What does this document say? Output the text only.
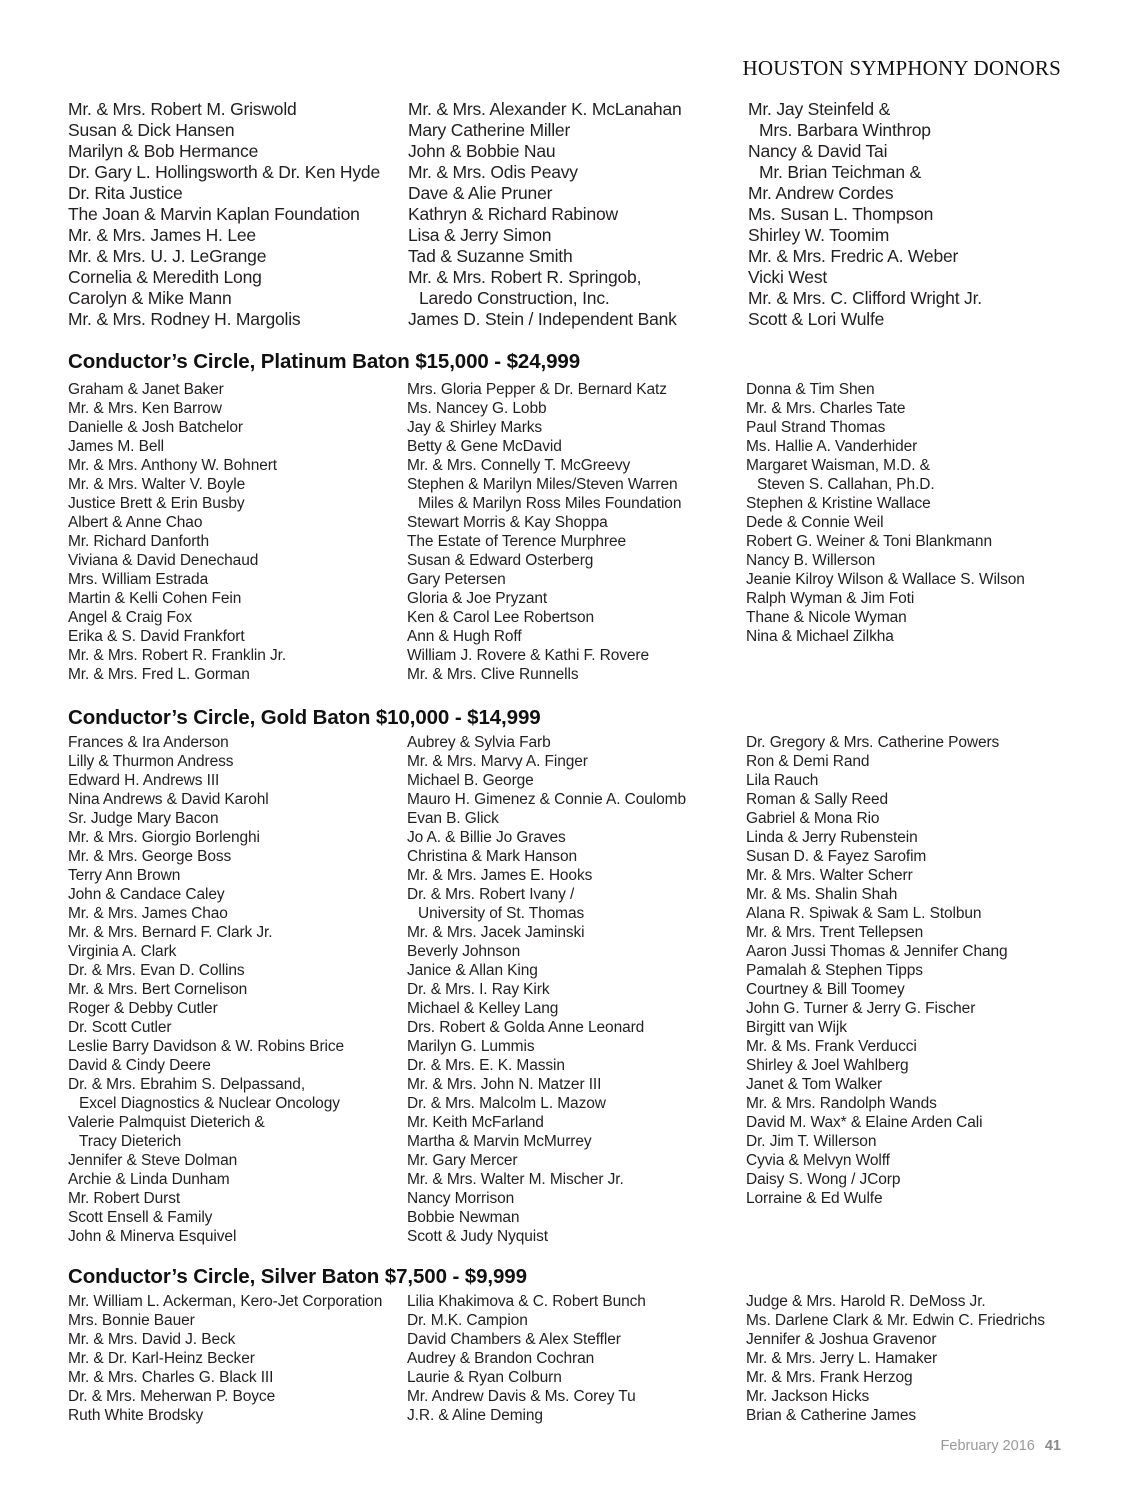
HOUSTON SYMPHONY DONORS
Mr. & Mrs. Robert M. Griswold
Susan & Dick Hansen
Marilyn & Bob Hermance
Dr. Gary L. Hollingsworth & Dr. Ken Hyde
Dr. Rita Justice
The Joan & Marvin Kaplan Foundation
Mr. & Mrs. James H. Lee
Mr. & Mrs. U. J. LeGrange
Cornelia & Meredith Long
Carolyn & Mike Mann
Mr. & Mrs. Rodney H. Margolis
Mr. & Mrs. Alexander K. McLanahan
Mary Catherine Miller
John & Bobbie Nau
Mr. & Mrs. Odis Peavy
Dave & Alie Pruner
Kathryn & Richard Rabinow
Lisa & Jerry Simon
Tad & Suzanne Smith
Mr. & Mrs. Robert R. Springob,
Laredo Construction, Inc.
James D. Stein / Independent Bank
Mr. Jay Steinfeld &
Mrs. Barbara Winthrop
Nancy & David Tai
Mr. Brian Teichman &
Mr. Andrew Cordes
Ms. Susan L. Thompson
Shirley W. Toomim
Mr. & Mrs. Fredric A. Weber
Vicki West
Mr. & Mrs. C. Clifford Wright Jr.
Scott & Lori Wulfe
Conductor’s Circle, Platinum Baton $15,000 - $24,999
Graham & Janet Baker
Mr. & Mrs. Ken Barrow
Danielle & Josh Batchelor
James M. Bell
Mr. & Mrs. Anthony W. Bohnert
Mr. & Mrs. Walter V. Boyle
Justice Brett & Erin Busby
Albert & Anne Chao
Mr. Richard Danforth
Viviana & David Denechaud
Mrs. William Estrada
Martin & Kelli Cohen Fein
Angel & Craig Fox
Erika & S. David Frankfort
Mr. & Mrs. Robert R. Franklin Jr.
Mr. & Mrs. Fred L. Gorman
Mrs. Gloria Pepper & Dr. Bernard Katz
Ms. Nancey G. Lobb
Jay & Shirley Marks
Betty & Gene McDavid
Mr. & Mrs. Connelly T. McGreevy
Stephen & Marilyn Miles/Steven Warren
Miles & Marilyn Ross Miles Foundation
Stewart Morris & Kay Shoppa
The Estate of Terence Murphree
Susan & Edward Osterberg
Gary Petersen
Gloria & Joe Pryzant
Ken & Carol Lee Robertson
Ann & Hugh Roff
William J. Rovere & Kathi F. Rovere
Mr. & Mrs. Clive Runnells
Donna & Tim Shen
Mr. & Mrs. Charles Tate
Paul Strand Thomas
Ms. Hallie A. Vanderhider
Margaret Waisman, M.D. &
Steven S. Callahan, Ph.D.
Stephen & Kristine Wallace
Dede & Connie Weil
Robert G. Weiner & Toni Blankmann
Nancy B. Willerson
Jeanie Kilroy Wilson & Wallace S. Wilson
Ralph Wyman & Jim Foti
Thane & Nicole Wyman
Nina & Michael Zilkha
Conductor’s Circle, Gold Baton $10,000 - $14,999
Frances & Ira Anderson
Lilly & Thurmon Andress
Edward H. Andrews III
Nina Andrews & David Karohl
Sr. Judge Mary Bacon
Mr. & Mrs. Giorgio Borlenghi
Mr. & Mrs. George Boss
Terry Ann Brown
John & Candace Caley
Mr. & Mrs. James Chao
Mr. & Mrs. Bernard F. Clark Jr.
Virginia A. Clark
Dr. & Mrs. Evan D. Collins
Mr. & Mrs. Bert Cornelison
Roger & Debby Cutler
Dr. Scott Cutler
Leslie Barry Davidson & W. Robins Brice
David & Cindy Deere
Dr. & Mrs. Ebrahim S. Delpassand,
Excel Diagnostics & Nuclear Oncology
Valerie Palmquist Dieterich &
Tracy Dieterich
Jennifer & Steve Dolman
Archie & Linda Dunham
Mr. Robert Durst
Scott Ensell & Family
John & Minerva Esquivel
Aubrey & Sylvia Farb
Mr. & Mrs. Marvy A. Finger
Michael B. George
Mauro H. Gimenez & Connie A. Coulomb
Evan B. Glick
Jo A. & Billie Jo Graves
Christina & Mark Hanson
Mr. & Mrs. James E. Hooks
Dr. & Mrs. Robert Ivany /
University of St. Thomas
Mr. & Mrs. Jacek Jaminski
Beverly Johnson
Janice & Allan King
Dr. & Mrs. I. Ray Kirk
Michael & Kelley Lang
Drs. Robert & Golda Anne Leonard
Marilyn G. Lummis
Dr. & Mrs. E. K. Massin
Mr. & Mrs. John N. Matzer III
Dr. & Mrs. Malcolm L. Mazow
Mr. Keith McFarland
Martha & Marvin McMurrey
Mr. Gary Mercer
Mr. & Mrs. Walter M. Mischer Jr.
Nancy Morrison
Bobbie Newman
Scott & Judy Nyquist
Dr. Gregory & Mrs. Catherine Powers
Ron & Demi Rand
Lila Rauch
Roman & Sally Reed
Gabriel & Mona Rio
Linda & Jerry Rubenstein
Susan D. & Fayez Sarofim
Mr. & Mrs. Walter Scherr
Mr. & Ms. Shalin Shah
Alana R. Spiwak & Sam L. Stolbun
Mr. & Mrs. Trent Tellepsen
Aaron Jussi Thomas & Jennifer Chang
Pamalah & Stephen Tipps
Courtney & Bill Toomey
John G. Turner & Jerry G. Fischer
Birgitt van Wijk
Mr. & Ms. Frank Verducci
Shirley & Joel Wahlberg
Janet & Tom Walker
Mr. & Mrs. Randolph Wands
David M. Wax* & Elaine Arden Cali
Dr. Jim T. Willerson
Cyvia & Melvyn Wolff
Daisy S. Wong / JCorp
Lorraine & Ed Wulfe
Conductor’s Circle, Silver Baton $7,500 - $9,999
Mr. William L. Ackerman, Kero-Jet Corporation
Mrs. Bonnie Bauer
Mr. & Mrs. David J. Beck
Mr. & Dr. Karl-Heinz Becker
Mr. & Mrs. Charles G. Black III
Dr. & Mrs. Meherwan P. Boyce
Ruth White Brodsky
Lilia Khakimova & C. Robert Bunch
Dr. M.K. Campion
David Chambers & Alex Steffler
Audrey & Brandon Cochran
Laurie & Ryan Colburn
Mr. Andrew Davis & Ms. Corey Tu
J.R. & Aline Deming
Judge & Mrs. Harold R. DeMoss Jr.
Ms. Darlene Clark & Mr. Edwin C. Friedrichs
Jennifer & Joshua Gravenor
Mr. & Mrs. Jerry L. Hamaker
Mr. & Mrs. Frank Herzog
Mr. Jackson Hicks
Brian & Catherine James
February 2016 41
